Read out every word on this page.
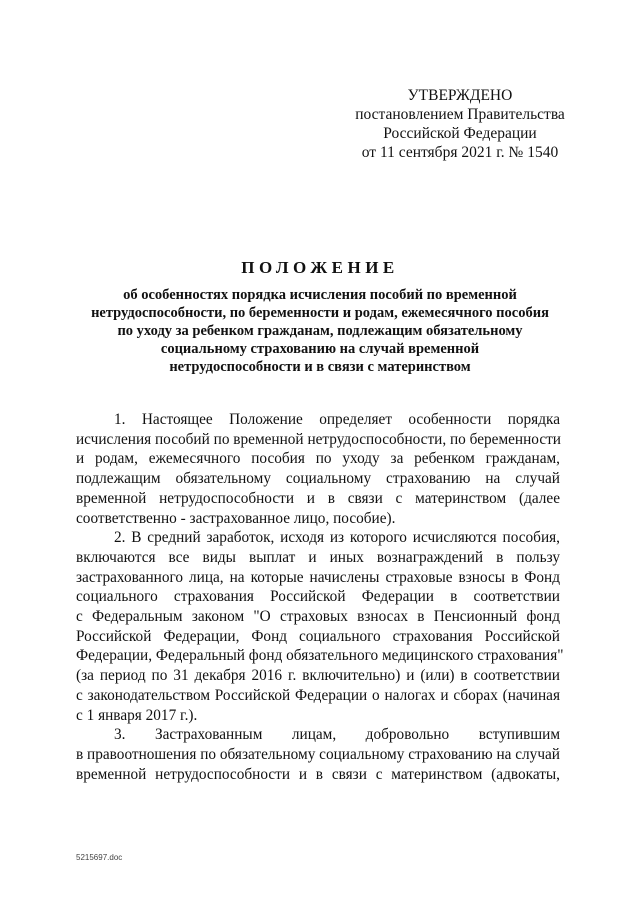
УТВЕРЖДЕНО
постановлением Правительства
Российской Федерации
от 11 сентября 2021 г. № 1540
ПОЛОЖЕНИЕ
об особенностях порядка исчисления пособий по временной
нетрудоспособности, по беременности и родам, ежемесячного пособия
по уходу за ребенком гражданам, подлежащим обязательному
социальному страхованию на случай временной
нетрудоспособности и в связи с материнством
1. Настоящее Положение определяет особенности порядка
исчисления пособий по временной нетрудоспособности, по беременности
и родам, ежемесячного пособия по уходу за ребенком гражданам,
подлежащим обязательному социальному страхованию на случай
временной нетрудоспособности и в связи с материнством (далее
соответственно - застрахованное лицо, пособие).
2. В средний заработок, исходя из которого исчисляются пособия,
включаются все виды выплат и иных вознаграждений в пользу
застрахованного лица, на которые начислены страховые взносы в Фонд
социального страхования Российской Федерации в соответствии
с Федеральным законом "О страховых взносах в Пенсионный фонд
Российской Федерации, Фонд социального страхования Российской
Федерации, Федеральный фонд обязательного медицинского страхования"
(за период по 31 декабря 2016 г. включительно) и (или) в соответствии
с законодательством Российской Федерации о налогах и сборах (начиная
с 1 января 2017 г.).
3. Застрахованным лицам, добровольно вступившим
в правоотношения по обязательному социальному страхованию на случай
временной нетрудоспособности и в связи с материнством (адвокаты,
5215697.doc
